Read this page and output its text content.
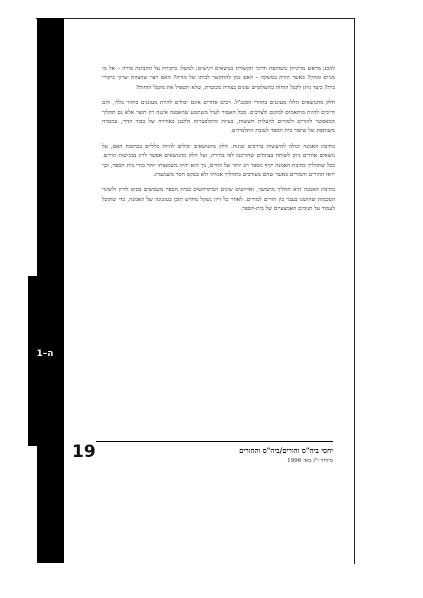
ה–1

להכנן מראש מדיניות משותפת ודרכי תקשורת בנושאים רגישים; למשל: ביקורת על ההנהגת מורה – אל מי מניים ומהין? כאשר הורה במשקה – האם נכון להתקשר לביתו של מורה? האם רצוי שהצוות יערוך ביקורי בית? כיצד ניתן לקבל הוחות בהשלומים שונים בצורה מכובדת, שלא תשפיל את מקבל הוחות?

חלק מהנושאים הללו מעוגנים בחוזרי המנכ"ל. רבים אחרים אינם יכולים להיות מעוגנים בחוזר כללי, והם חייבים להיות מותאמים למקום ולצרכים. מכל האמור לעיל משתמע שהאמנה איננה רק תוצר אלא גם תהליך המאפשר להורים ולמורים להעלות חששות, בעיות והתלבטויות וללבנן באווירה של כבוד הדדי, במטרה משותפת של שיפור בית הספר לטובת התלמידים.

כתיבת האמנה יכולה להיעשות בדרכים שונות. חלק מהנושאים יכולים להיות כלליים בכתובת האם, על נושאים אחרים ניתן לשוחח בצוותים שהורכבו לפי בחירה, ועל חלק מהנושאים אפשר לרון במגישות הורים. ככל שתהליך כתיבת האמנה יקיף מספר רב יותר של הורים, כך הוא יהיה משמעותי יותר בחיי בית הספר, וכך יראו ההורים והמורים כאשר שהם מעורבים בתהליך אמיתי ולא בטקס חסר משמעות.

כתיבת האמנה היא תהליך מתמשך, ואירועים שונים המתרחשים בבית הספר משמשים בסיס לדיון ולשינוי הסכמות שהושגו בעבר בין הורים למורים. לאחר כל דיון נשקל מחדש תוכן בעזכונה של האמנה, כדי שתוכל לעמוד על תנוכים האמצעיים של בית-הספר.

19	יחסי ביה"ס והורים/ביה"ס וההורים
מיוחד י"ג מאי 1996
